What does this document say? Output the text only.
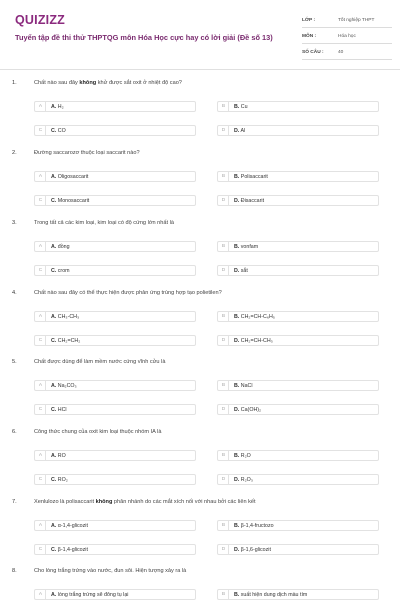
QUIZIZZ
Tuyển tập đề thi thử THPTQG môn Hóa Học cực hay có lời giải (Đề số 13)
LỚP :	Tốt nghiệp THPT
MÔN :	Hóa học
SỐ CÂU :	40
1.	Chất nào sau đây không khử được sắt oxit ở nhiệt độ cao?
A	A. H₂	B	B. Cu
C	C. CO	D	D. Al
2.	Đường saccarozơ thuộc loại saccarit nào?
A	A. Oligosaccarit	B	B. Polisaccarit
C	C. Monosaccarit	D	D. Đisaccarit
3.	Trong tất cả các kim loại, kim loại có độ cứng lớn nhất là
A	A. đồng	B	B. vonfam
C	C. crom	D	D. sắt
4.	Chất nào sau đây có thể thực hiện được phản ứng trùng hợp tạo polietilen?
A	A. CH₃-CH₃	B	B. CH₂=CH-C₆H₅
C	C. CH₂=CH₂	D	D. CH₂=CH-CH₃
5.	Chất được dùng để làm mềm nước cứng vĩnh cửu là
A	A. Na₂CO₃	B	B. NaCl
C	C. HCl	D	D. Ca(OH)₂
6.	Công thức chung của oxit kim loại thuộc nhóm IA là
A	A. RO	B	B. R₂O
C	C. RO₂	D	D. R₂O₃
7.	Xenlulozo là polisaccarit không phân nhánh do các mắt xích nối với nhau bởi các liên kết
A	A. α-1,4-glicozit	B	B. β-1,4-fructozo
C	C. β-1,4-glicozit	D	D. β-1,6-glicozit
8.	Cho lòng trắng trứng vào nước, đun sôi. Hiện tượng xảy ra là
A	A. lòng trắng trứng sẽ đông tụ lại	B	B. xuất hiện dung dịch màu tím
